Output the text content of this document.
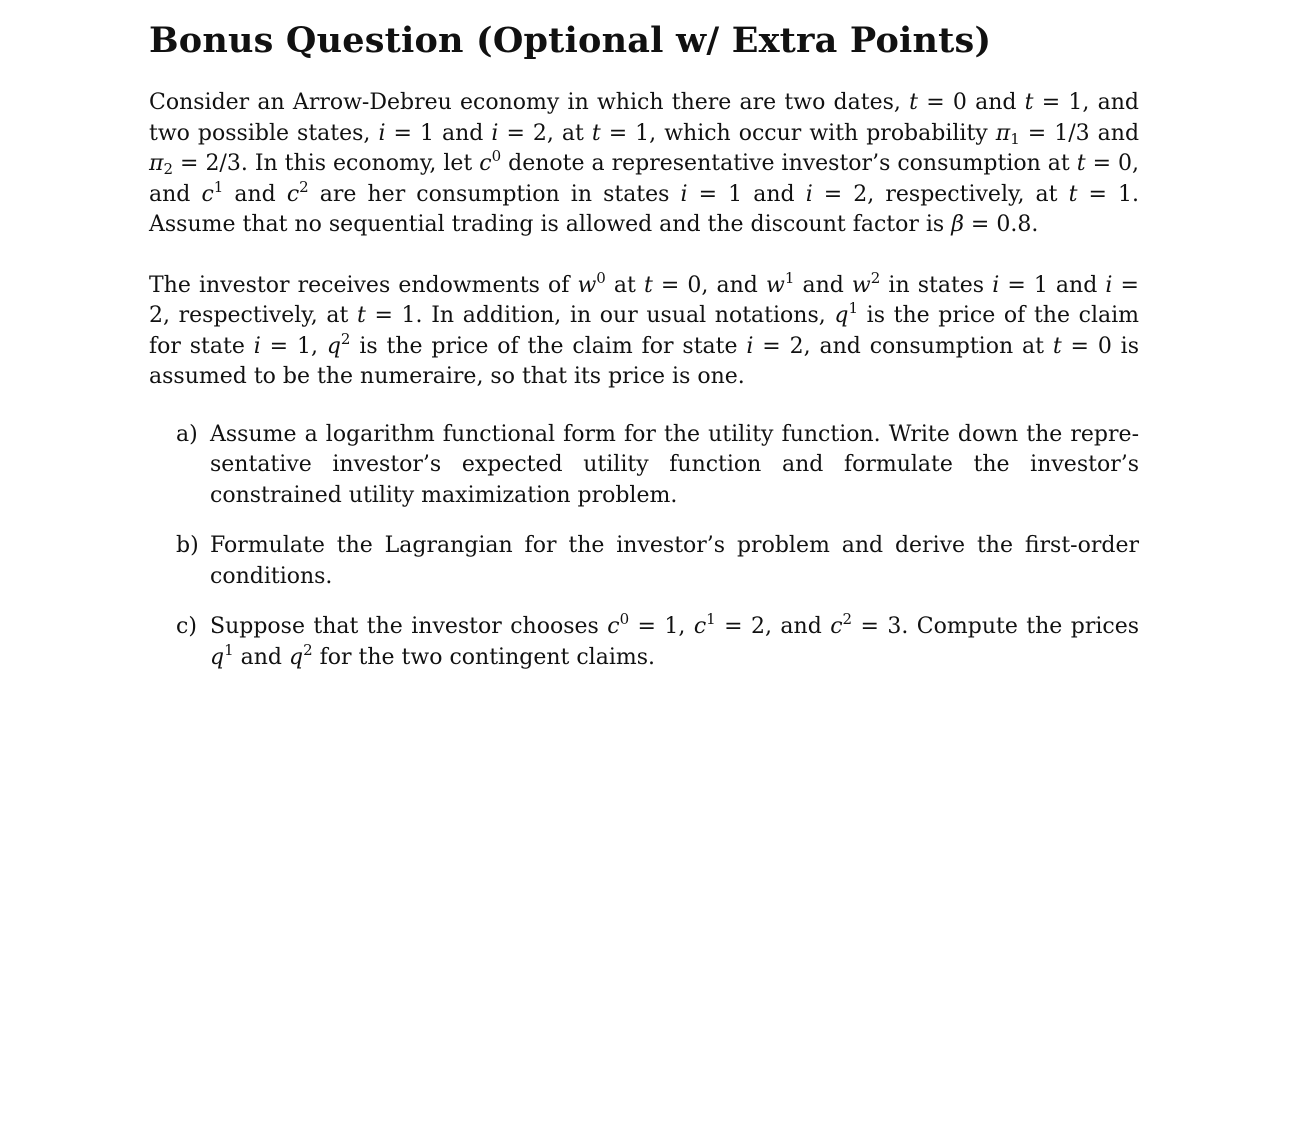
Bonus Question (Optional w/ Extra Points)

Consider an Arrow-Debreu economy in which there are two dates, t = 0 and t = 1, and two possible states, i = 1 and i = 2, at t = 1, which occur with probability $\pi_1 = 1/3$ and $\pi_2 = 2/3$. In this economy, let $c^0$ denote a representative investor’s consumption at t = 0, and $c^1$ and $c^2$ are her consumption in states i = 1 and i = 2, respectively, at t = 1. Assume that no sequential trading is allowed and the discount factor is β = 0.8.

The investor receives endowments of $w^0$ at t = 0, and $w^1$ and $w^2$ in states i = 1 and i = 2, respectively, at t = 1. In addition, in our usual notations, $q^1$ is the price of the claim for state i = 1, $q^2$ is the price of the claim for state i = 2, and consumption at t = 0 is assumed to be the numeraire, so that its price is one.

a) Assume a logarithm functional form for the utility function. Write down the representative investor’s expected utility function and formulate the investor’s constrained utility maximization problem.
b) Formulate the Lagrangian for the investor’s problem and derive the first-order conditions.
c) Suppose that the investor chooses $c^0 = 1$, $c^1 = 2$, and $c^2 = 3$. Compute the prices $q^1$ and $q^2$ for the two contingent claims.
